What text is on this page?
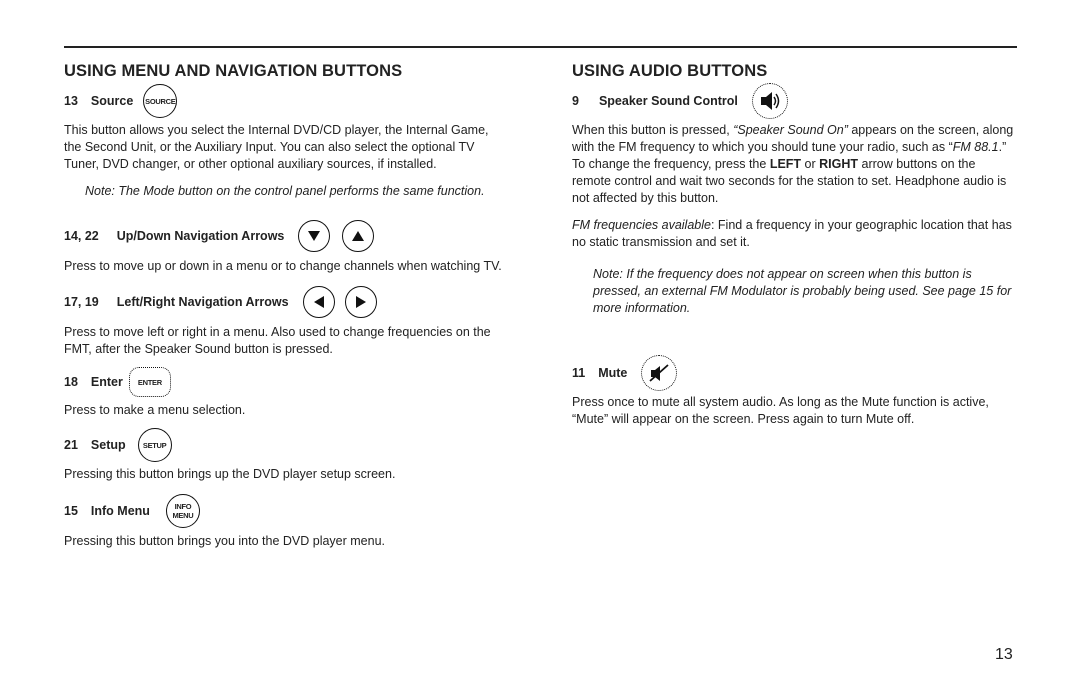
USING MENU AND NAVIGATION BUTTONS
13 Source SOURCE

This button allows you select the Internal DVD/CD player, the Internal Game, the Second Unit, or the Auxiliary Input. You can also select the optional TV Tuner, DVD changer, or other optional auxiliary sources, if installed.

Note: The Mode button on the control panel performs the same function.

14, 22 Up/Down Navigation Arrows

Press to move up or down in a menu or to change channels when watching TV.

17, 19 Left/Right Navigation Arrows

Press to move left or right in a menu. Also used to change frequencies on the FMT, after the Speaker Sound button is pressed.

18 Enter ENTER

Press to make a menu selection.

21 Setup SETUP

Pressing this button brings up the DVD player setup screen.

15 Info Menu	INFO
MENU

Pressing this button brings you into the DVD player menu.

USING AUDIO BUTTONS
9 Speaker Sound Control

When this button is pressed, “Speaker Sound On” appears on the screen, along with the FM frequency to which you should tune your radio, such as “FM 88.1.” To change the frequency, press the LEFT or RIGHT arrow buttons on the remote control and wait two seconds for the station to set. Headphone audio is not affected by this button.

FM frequencies available: Find a frequency in your geographic location that has no static transmission and set it.

Note: If the frequency does not appear on screen when this button is pressed, an external FM Modulator is probably being used. See page 15 for more information.

11 Mute

Press once to mute all system audio. As long as the Mute function is active, “Mute” will appear on the screen. Press again to turn Mute off.

13
